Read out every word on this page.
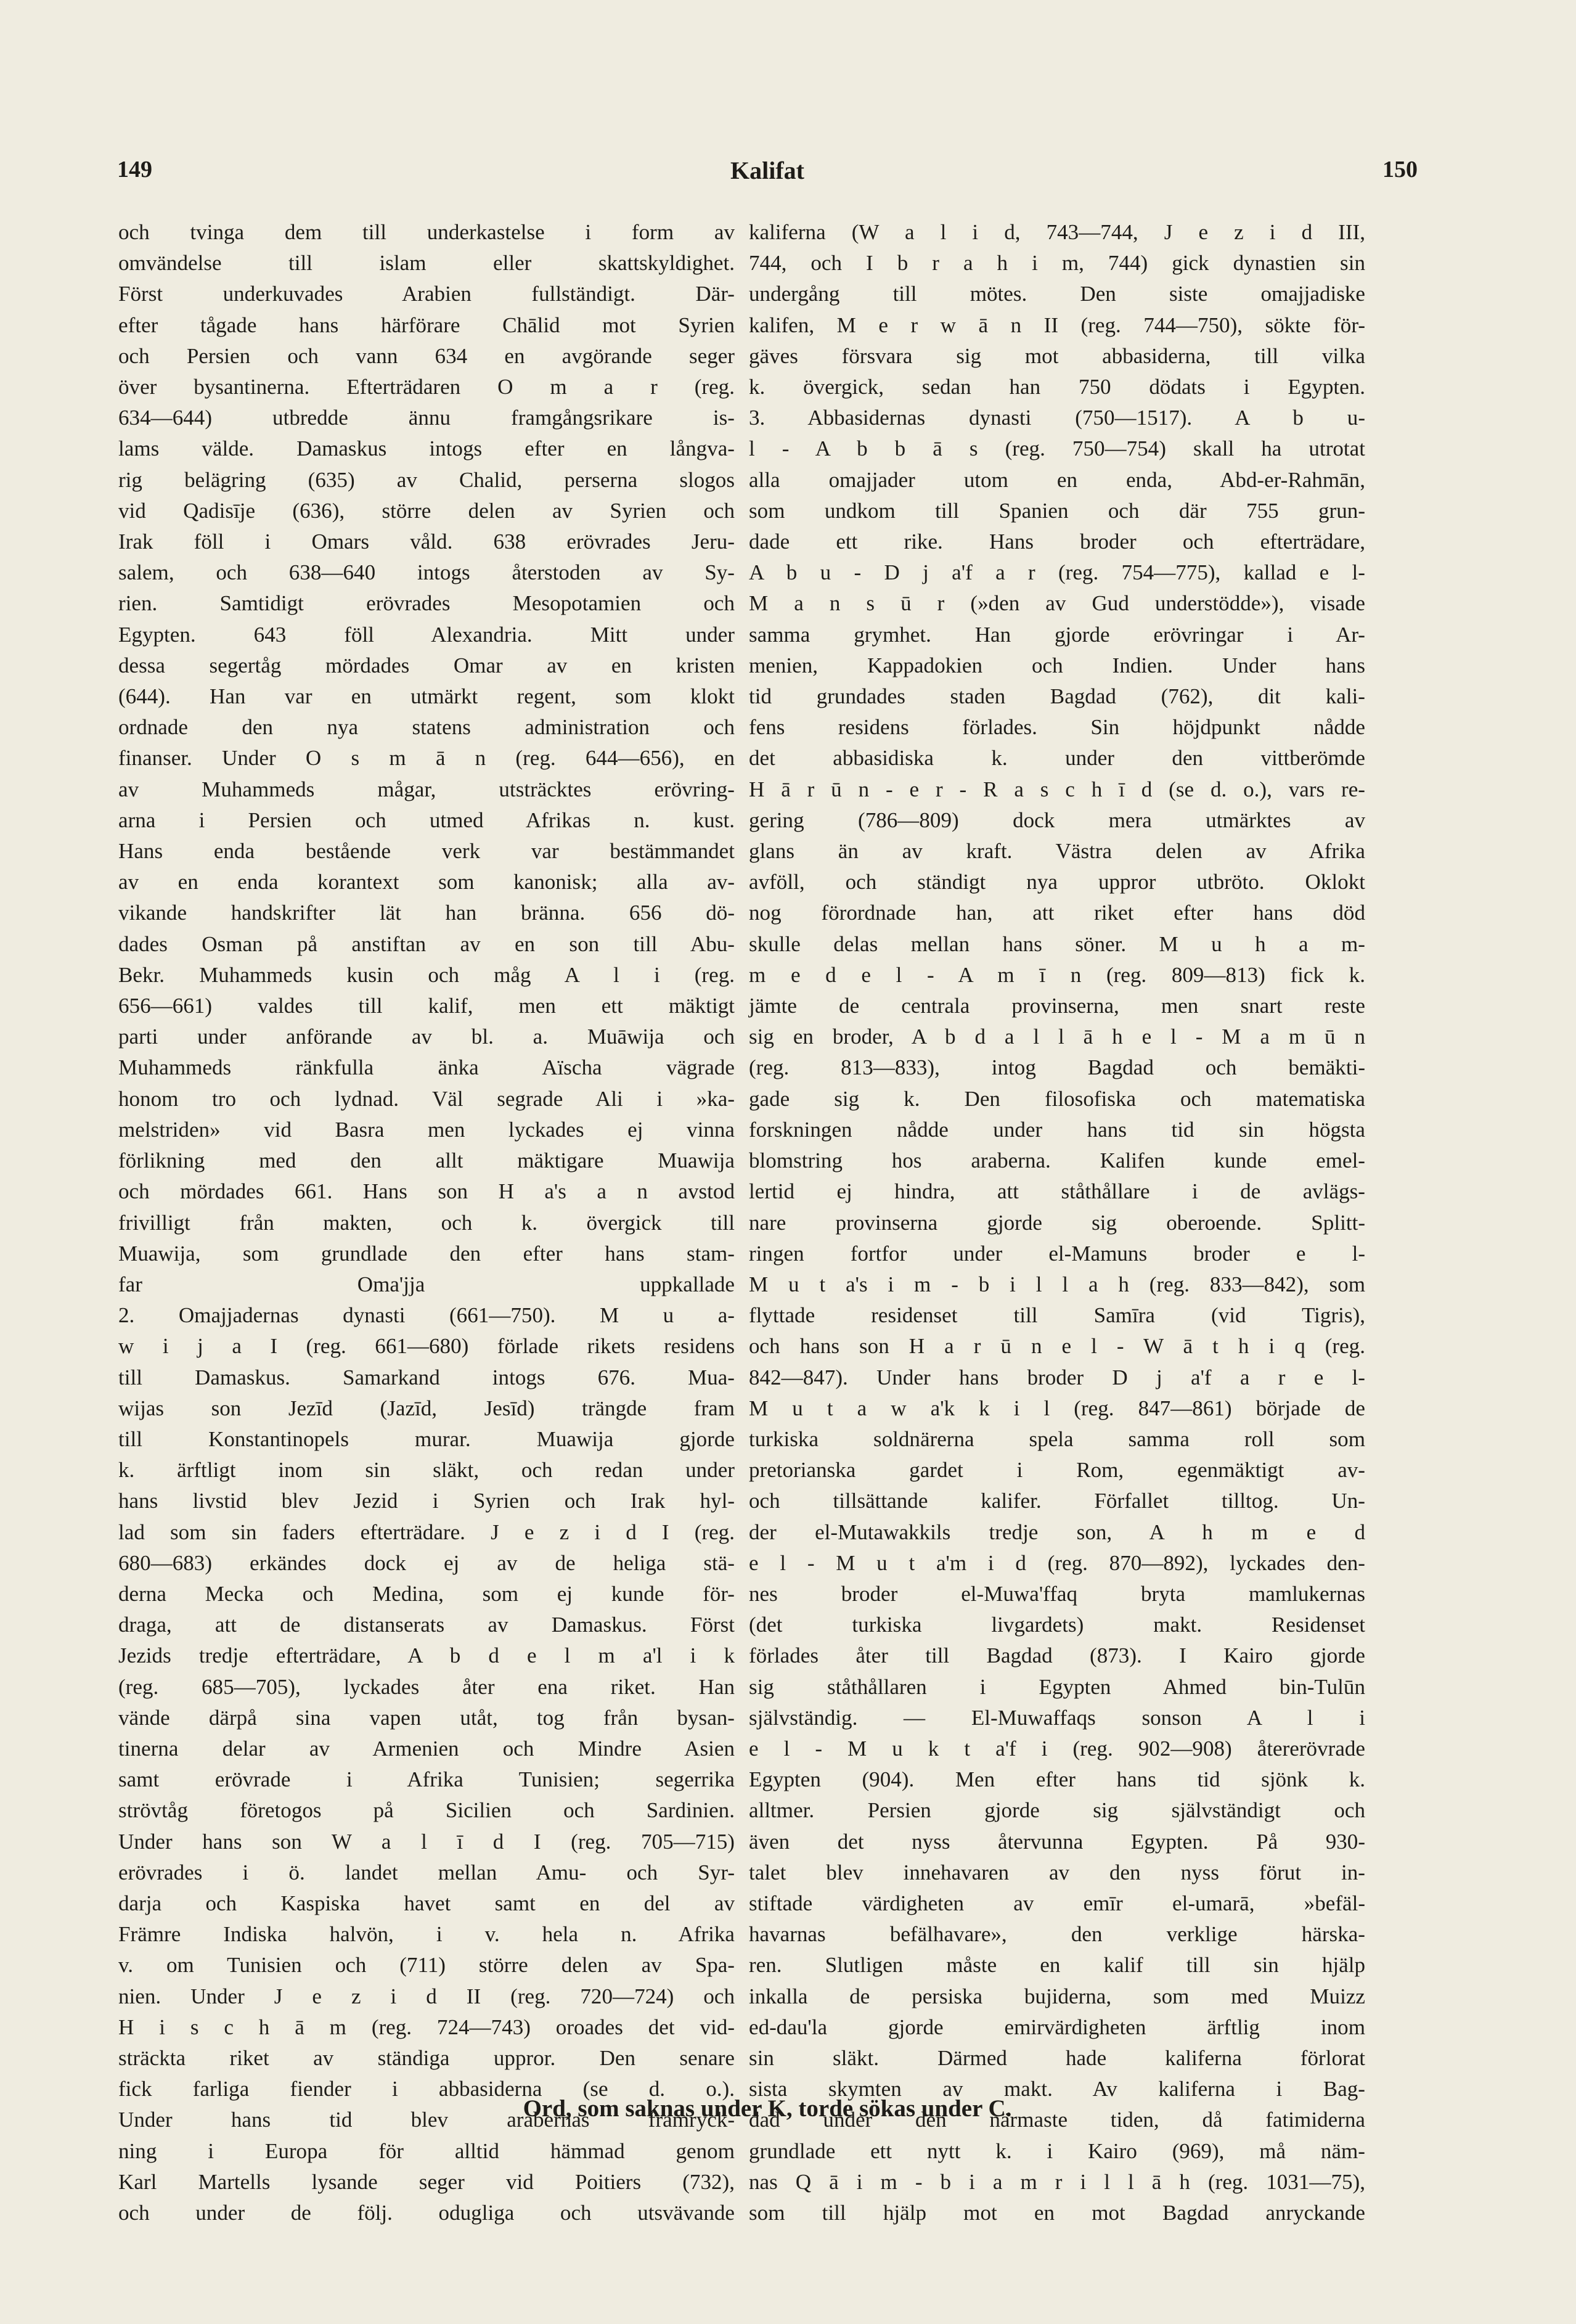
149	Kalifat	150
och tvinga dem till underkastelse i form av
omvändelse till islam eller skattskyldighet.
Först underkuvades Arabien fullständigt. Där-
efter tågade hans härförare Chālid mot Syrien
och Persien och vann 634 en avgörande seger
över bysantinerna. Efterträdaren O m a r (reg.
634—644) utbredde ännu framgångsrikare is-
lams välde. Damaskus intogs efter en långva-
rig belägring (635) av Chalid, perserna slogos
vid Qadisīje (636), större delen av Syrien och
Irak föll i Omars våld. 638 erövrades Jeru-
salem, och 638—640 intogs återstoden av Sy-
rien. Samtidigt erövrades Mesopotamien och
Egypten. 643 föll Alexandria. Mitt under
dessa segertåg mördades Omar av en kristen
(644). Han var en utmärkt regent, som klokt
ordnade den nya statens administration och
finanser. Under O s m ā n (reg. 644—656), en
av Muhammeds mågar, utsträcktes erövring-
arna i Persien och utmed Afrikas n. kust.
Hans enda bestående verk var bestämmandet
av en enda korantext som kanonisk; alla av-
vikande handskrifter lät han bränna. 656 dö-
dades Osman på anstiftan av en son till Abu-
Bekr. Muhammeds kusin och måg A l i (reg.
656—661) valdes till kalif, men ett mäktigt
parti under anförande av bl. a. Muāwija och
Muhammeds ränkfulla änka Aïscha vägrade
honom tro och lydnad. Väl segrade Ali i »ka-
melstriden» vid Basra men lyckades ej vinna
förlikning med den allt mäktigare Muawija
och mördades 661. Hans son H a's a n avstod
frivilligt från makten, och k. övergick till
Muawija, som grundlade den efter hans stam-
far Oma'jja uppkallade
2. Omajjadernas dynasti (661—750). M u a-
w i j a I (reg. 661—680) förlade rikets residens
till Damaskus. Samarkand intogs 676. Mua-
wijas son Jezīd (Jazīd, Jesīd) trängde fram
till Konstantinopels murar. Muawija gjorde
k. ärftligt inom sin släkt, och redan under
hans livstid blev Jezid i Syrien och Irak hyl-
lad som sin faders efterträdare. J e z i d I (reg.
680—683) erkändes dock ej av de heliga stä-
derna Mecka och Medina, som ej kunde för-
draga, att de distanserats av Damaskus. Först
Jezids tredje efterträdare, A b d e l m a'l i k
(reg. 685—705), lyckades åter ena riket. Han
vände därpå sina vapen utåt, tog från bysan-
tinerna delar av Armenien och Mindre Asien
samt erövrade i Afrika Tunisien; segerrika
strövtåg företogos på Sicilien och Sardinien.
Under hans son W a l ī d I (reg. 705—715)
erövrades i ö. landet mellan Amu- och Syr-
darja och Kaspiska havet samt en del av
Främre Indiska halvön, i v. hela n. Afrika
v. om Tunisien och (711) större delen av Spa-
nien. Under J e z i d II (reg. 720—724) och
H i s c h ā m (reg. 724—743) oroades det vid-
sträckta riket av ständiga uppror. Den senare
fick farliga fiender i abbasiderna (se d. o.).
Under hans tid blev arabernas framryck-
ning i Europa för alltid hämmad genom
Karl Martells lysande seger vid Poitiers (732),
och under de följ. odugliga och utsvävande
kaliferna (W a l i d, 743—744, J e z i d III,
744, och I b r a h i m, 744) gick dynastien sin
undergång till mötes. Den siste omajjadiske
kalifen, M e r w ā n II (reg. 744—750), sökte för-
gäves försvara sig mot abbasiderna, till vilka
k. övergick, sedan han 750 dödats i Egypten.
3. Abbasidernas dynasti (750—1517). A b u-
l - A b b ā s (reg. 750—754) skall ha utrotat
alla omajjader utom en enda, Abd-er-Rahmān,
som undkom till Spanien och där 755 grun-
dade ett rike. Hans broder och efterträdare,
A b u - D j a'f a r (reg. 754—775), kallad e l-
M a n s ū r (»den av Gud understödde»), visade
samma grymhet. Han gjorde erövringar i Ar-
menien, Kappadokien och Indien. Under hans
tid grundades staden Bagdad (762), dit kali-
fens residens förlades. Sin höjdpunkt nådde
det abbasidiska k. under den vittberömde
H ā r ū n - e r - R a s c h ī d (se d. o.), vars re-
gering (786—809) dock mera utmärktes av
glans än av kraft. Västra delen av Afrika
avföll, och ständigt nya uppror utbröto. Oklokt
nog förordnade han, att riket efter hans död
skulle delas mellan hans söner. M u h a m-
m e d e l - A m ī n (reg. 809—813) fick k.
jämte de centrala provinserna, men snart reste
sig en broder, A b d a l l ā h e l - M a m ū n
(reg. 813—833), intog Bagdad och bemäkti-
gade sig k. Den filosofiska och matematiska
forskningen nådde under hans tid sin högsta
blomstring hos araberna. Kalifen kunde emel-
lertid ej hindra, att ståthållare i de avlägs-
nare provinserna gjorde sig oberoende. Splitt-
ringen fortfor under el-Mamuns broder e l-
M u t a's i m - b i l l a h (reg. 833—842), som
flyttade residenset till Samīra (vid Tigris),
och hans son H a r ū n e l - W ā t h i q (reg.
842—847). Under hans broder D j a'f a r e l-
M u t a w a'k k i l (reg. 847—861) började de
turkiska soldnärerna spela samma roll som
pretorianska gardet i Rom, egenmäktigt av-
och tillsättande kalifer. Förfallet tilltog. Un-
der el-Mutawakkils tredje son, A h m e d
e l - M u t a'm i d (reg. 870—892), lyckades den-
nes broder el-Muwa'ffaq bryta mamlukernas
(det turkiska livgardets) makt. Residenset
förlades åter till Bagdad (873). I Kairo gjorde
sig ståthållaren i Egypten Ahmed bin-Tulūn
självständig. — El-Muwaffaqs sonson A l i
e l - M u k t a'f i (reg. 902—908) återerövrade
Egypten (904). Men efter hans tid sjönk k.
alltmer. Persien gjorde sig självständigt och
även det nyss återvunna Egypten. På 930-
talet blev innehavaren av den nyss förut in-
stiftade värdigheten av emīr el-umarā, »befäl-
havarnas befälhavare», den verklige härska-
ren. Slutligen måste en kalif till sin hjälp
inkalla de persiska bujiderna, som med Muizz
ed-dau'la gjorde emirvärdigheten ärftlig inom
sin släkt. Därmed hade kaliferna förlorat
sista skymten av makt. Av kaliferna i Bag-
dad under den närmaste tiden, då fatimiderna
grundlade ett nytt k. i Kairo (969), må näm-
nas Q ā i m - b i a m r i l l ā h (reg. 1031—75),
som till hjälp mot en mot Bagdad anryckande
Ord, som saknas under K, torde sökas under C.
